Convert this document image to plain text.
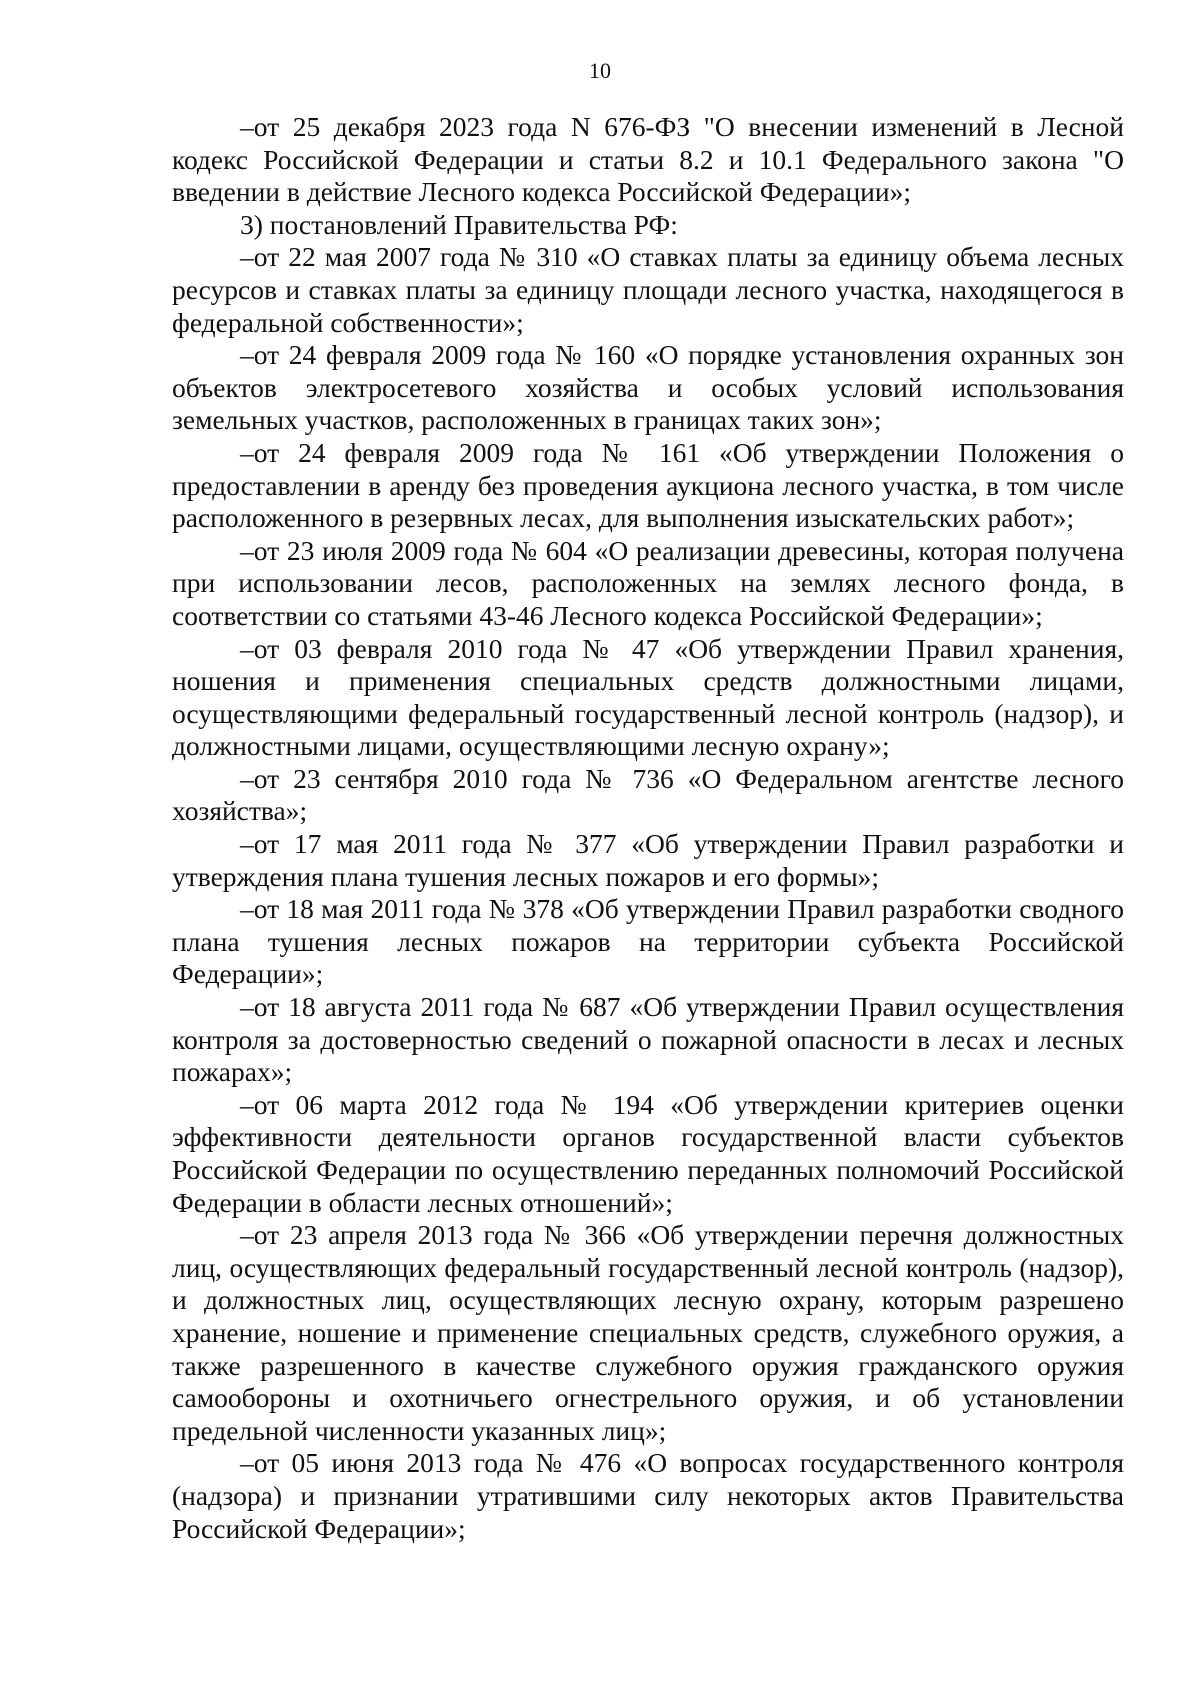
10

–от 25 декабря 2023 года N 676-ФЗ "О внесении изменений в Лесной кодекс Российской Федерации и статьи 8.2 и 10.1 Федерального закона "О введении в действие Лесного кодекса Российской Федерации»;

3) постановлений Правительства РФ:

–от 22 мая 2007 года № 310 «О ставках платы за единицу объема лесных ресурсов и ставках платы за единицу площади лесного участка, находящегося в федеральной собственности»;

–от 24 февраля 2009 года № 160 «О порядке установления охранных зон объектов электросетевого хозяйства и особых условий использования земельных участков, расположенных в границах таких зон»;

–от 24 февраля 2009 года № 161 «Об утверждении Положения о предоставлении в аренду без проведения аукциона лесного участка, в том числе расположенного в резервных лесах, для выполнения изыскательских работ»;

–от 23 июля 2009 года № 604 «О реализации древесины, которая получена при использовании лесов, расположенных на землях лесного фонда, в соответствии со статьями 43-46 Лесного кодекса Российской Федерации»;

–от 03 февраля 2010 года № 47 «Об утверждении Правил хранения, ношения и применения специальных средств должностными лицами, осуществляющими федеральный государственный лесной контроль (надзор), и должностными лицами, осуществляющими лесную охрану»;

–от 23 сентября 2010 года № 736 «О Федеральном агентстве лесного хозяйства»;

–от 17 мая 2011 года № 377 «Об утверждении Правил разработки и утверждения плана тушения лесных пожаров и его формы»;

–от 18 мая 2011 года № 378 «Об утверждении Правил разработки сводного плана тушения лесных пожаров на территории субъекта Российской Федерации»;

–от 18 августа 2011 года № 687 «Об утверждении Правил осуществления контроля за достоверностью сведений о пожарной опасности в лесах и лесных пожарах»;

–от 06 марта 2012 года № 194 «Об утверждении критериев оценки эффективности деятельности органов государственной власти субъектов Российской Федерации по осуществлению переданных полномочий Российской Федерации в области лесных отношений»;

–от 23 апреля 2013 года № 366 «Об утверждении перечня должностных лиц, осуществляющих федеральный государственный лесной контроль (надзор), и должностных лиц, осуществляющих лесную охрану, которым разрешено хранение, ношение и применение специальных средств, служебного оружия, а также разрешенного в качестве служебного оружия гражданского оружия самообороны и охотничьего огнестрельного оружия, и об установлении предельной численности указанных лиц»;

–от 05 июня 2013 года № 476 «О вопросах государственного контроля (надзора) и признании утратившими силу некоторых актов Правительства Российской Федерации»;
